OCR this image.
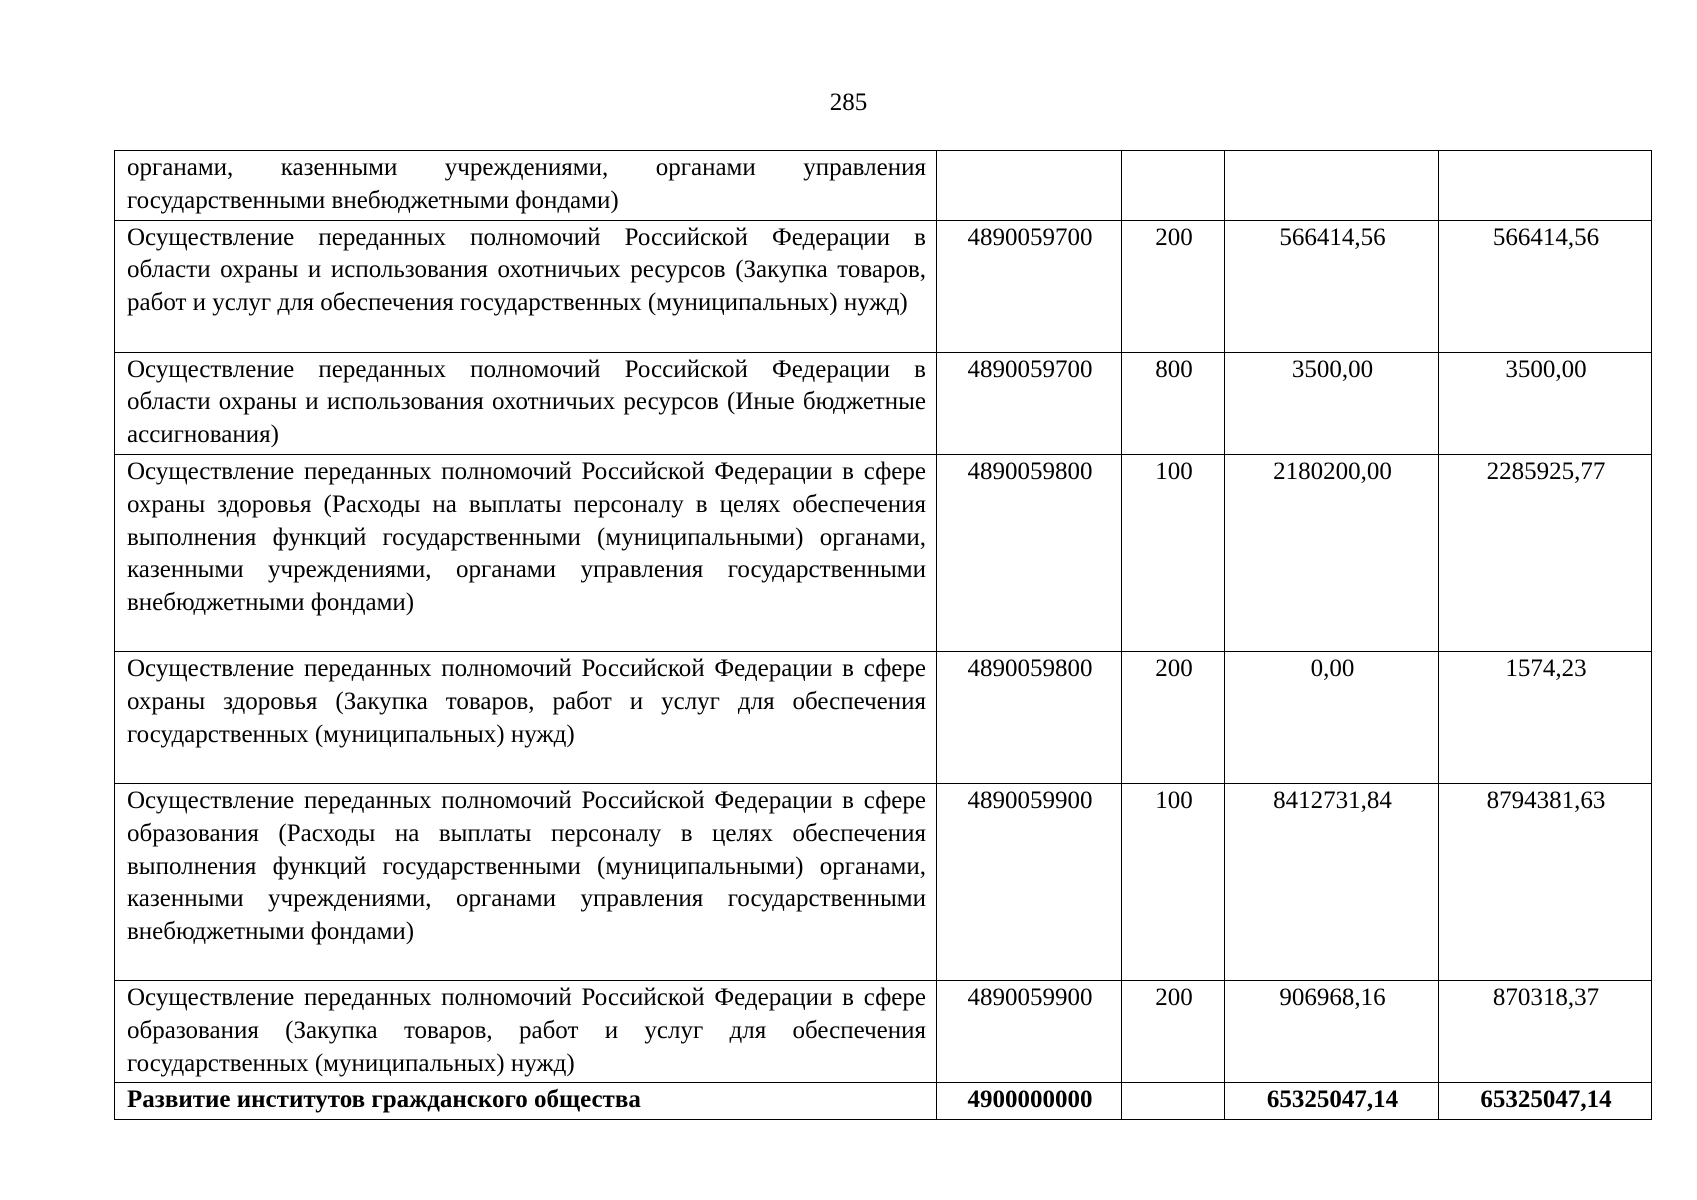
285
органами, казенными учреждениями, органами управления государственными внебюджетными фондами)				
Осуществление переданных полномочий Российской Федерации в области охраны и использования охотничьих ресурсов (Закупка товаров, работ и услуг для обеспечения государственных (муниципальных) нужд)	4890059700	200	566414,56	566414,56
Осуществление переданных полномочий Российской Федерации в области охраны и использования охотничьих ресурсов (Иные бюджетные ассигнования)	4890059700	800	3500,00	3500,00
Осуществление переданных полномочий Российской Федерации в сфере охраны здоровья (Расходы на выплаты персоналу в целях обеспечения выполнения функций государственными (муниципальными) органами, казенными учреждениями, органами управления государственными внебюджетными фондами)	4890059800	100	2180200,00	2285925,77
Осуществление переданных полномочий Российской Федерации в сфере охраны здоровья (Закупка товаров, работ и услуг для обеспечения государственных (муниципальных) нужд)	4890059800	200	0,00	1574,23
Осуществление переданных полномочий Российской Федерации в сфере образования (Расходы на выплаты персоналу в целях обеспечения выполнения функций государственными (муниципальными) органами, казенными учреждениями, органами управления государственными внебюджетными фондами)	4890059900	100	8412731,84	8794381,63
Осуществление переданных полномочий Российской Федерации в сфере образования (Закупка товаров, работ и услуг для обеспечения государственных (муниципальных) нужд)	4890059900	200	906968,16	870318,37
Развитие институтов гражданского общества	4900000000		65325047,14	65325047,14
